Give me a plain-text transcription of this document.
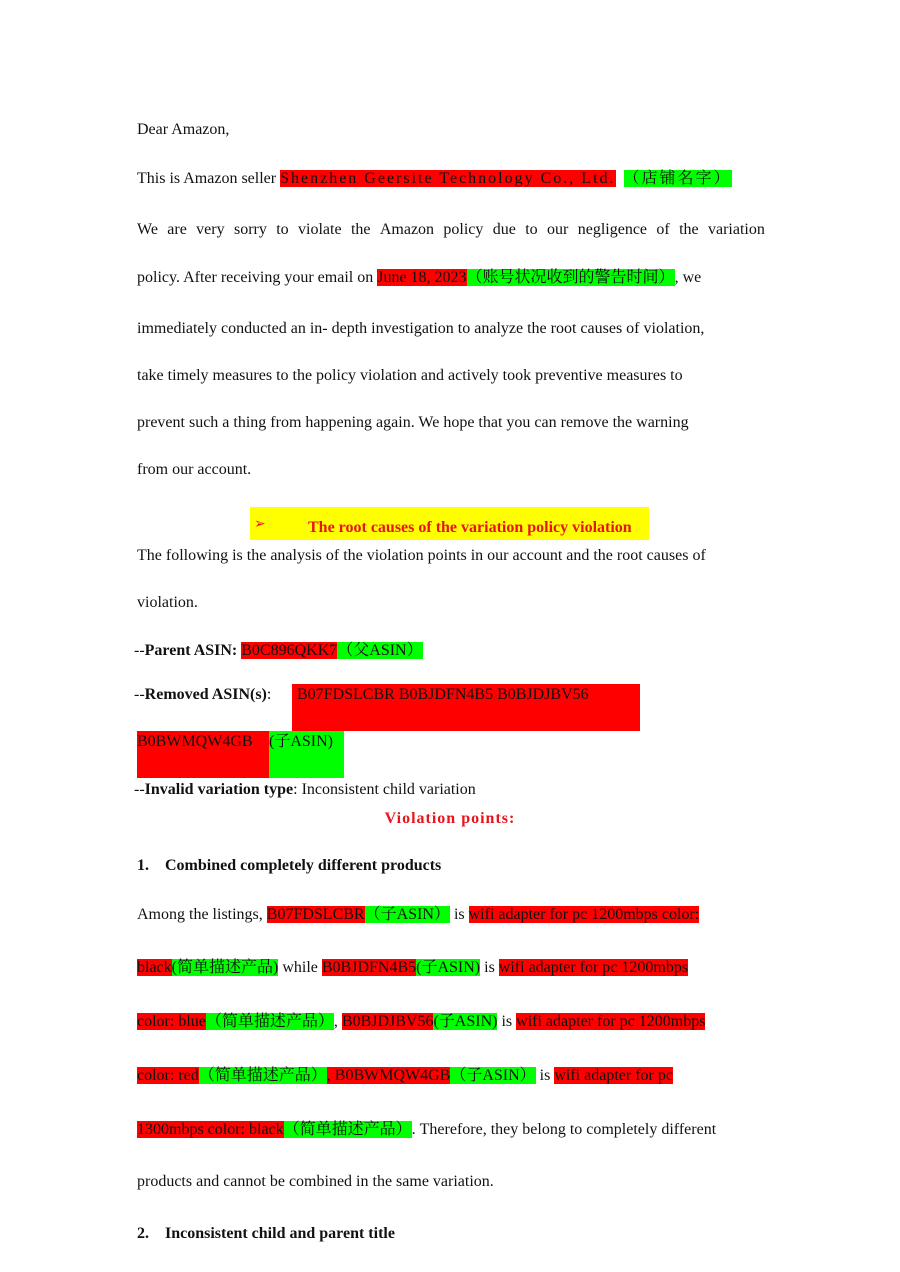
Dear Amazon,
This is Amazon seller Shenzhen Geersite Technology Co., Ltd. （店铺名字）
We are very sorry to violate the Amazon policy due to our negligence of the variation
policy. After receiving your email on June 18, 2023（账号状况收到的警告时间）, we
immediately conducted an in- depth investigation to analyze the root causes of violation,
take timely measures to the policy violation and actively took preventive measures to
prevent such a thing from happening again. We hope that you can remove the warning
from our account.
➢	The root causes of the variation policy violation
The following is the analysis of the violation points in our account and the root causes of
violation.
--Parent ASIN: B0C896QKK7（父ASIN）
--Removed ASIN(s): B07FDSLCBR B0BJDFN4B5 B0BJDJBV56
B0BWMQW4GB (子ASIN)
--Invalid variation type: Inconsistent child variation
Violation points:
1. Combined completely different products
Among the listings, B07FDSLCBR（子ASIN） is wifi adapter for pc 1200mbps color:
black(简单描述产品) while B0BJDFN4B5(子ASIN) is wifi adapter for pc 1200mbps
color: blue（简单描述产品）, B0BJDJBV56(子ASIN) is wifi adapter for pc 1200mbps
color: red（简单描述产品）, B0BWMQW4GB（子ASIN） is wifi adapter for pc
1300mbps color: black（简单描述产品）. Therefore, they belong to completely different
products and cannot be combined in the same variation.
2. Inconsistent child and parent title
